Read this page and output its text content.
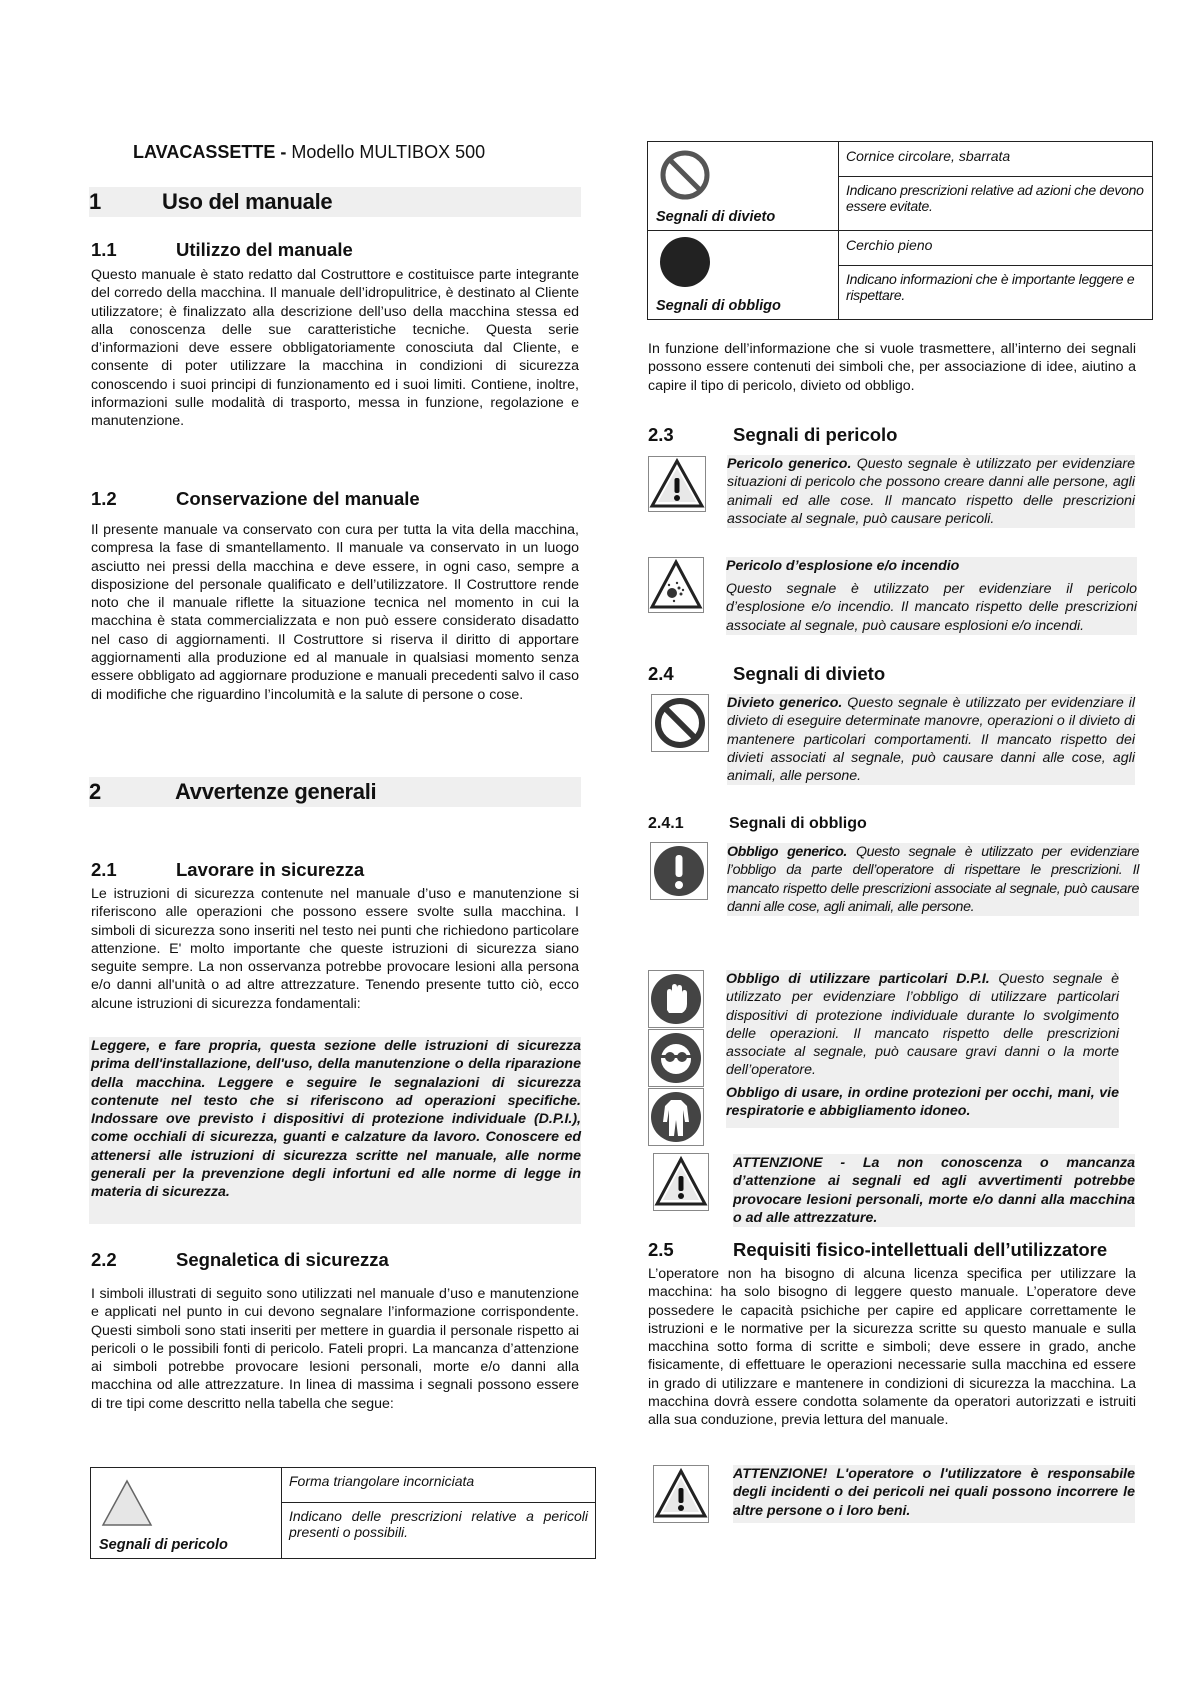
LAVACASSETTE - Modello MULTIBOX 500
1	Uso del manuale
1.1	Utilizzo del manuale

Questo manuale è stato redatto dal Costruttore e costituisce parte integrante del corredo della macchina. Il manuale dell’idropulitrice, è destinato al Cliente utilizzatore; è finalizzato alla descrizione dell’uso della macchina stessa ed alla conoscenza delle sue caratteristiche tecniche. Questa serie d’informazioni deve essere obbligatoriamente conosciuta dal Cliente, e consente di poter utilizzare la macchina in condizioni di sicurezza conoscendo i suoi principi di funzionamento ed i suoi limiti. Contiene, inoltre, informazioni sulle modalità di trasporto, messa in funzione, regolazione e manutenzione.

1.2	Conservazione del manuale

Il presente manuale va conservato con cura per tutta la vita della macchina, compresa la fase di smantellamento. Il manuale va conservato in un luogo asciutto nei pressi della macchina e deve essere, in ogni caso, sempre a disposizione del personale qualificato e dell’utilizzatore. Il Costruttore rende noto che il manuale riflette la situazione tecnica nel momento in cui la macchina è stata commercializzata e non può essere considerato disadatto nel caso di aggiornamenti. Il Costruttore si riserva il diritto di apportare aggiornamenti alla produzione ed al manuale in qualsiasi momento senza essere obbligato ad aggiornare produzione e manuali precedenti salvo il caso di modifiche che riguardino l’incolumità e la salute di persone o cose.

2	Avvertenze generali
2.1	Lavorare in sicurezza

Le istruzioni di sicurezza contenute nel manuale d’uso e manutenzione si riferiscono alle operazioni che possono essere svolte sulla macchina. I simboli di sicurezza sono inseriti nel testo nei punti che richiedono particolare attenzione. E' molto importante che queste istruzioni di sicurezza siano seguite sempre. La non osservanza potrebbe provocare lesioni alla persona e/o danni all'unità o ad altre attrezzature. Tenendo presente tutto ciò, ecco alcune istruzioni di sicurezza fondamentali:

Leggere, e fare propria, questa sezione delle istruzioni di sicurezza prima dell'installazione, dell'uso, della manutenzione o della riparazione della macchina. Leggere e seguire le segnalazioni di sicurezza contenute nel testo che si riferiscono ad operazioni specifiche. Indossare ove previsto i dispositivi di protezione individuale (D.P.I.), come occhiali di sicurezza, guanti e calzature da lavoro. Conoscere ed attenersi alle istruzioni di sicurezza scritte nel manuale, alle norme generali per la prevenzione degli infortuni ed alle norme di legge in materia di sicurezza.

2.2	Segnaletica di sicurezza

I simboli illustrati di seguito sono utilizzati nel manuale d’uso e manutenzione e applicati nel punto in cui devono segnalare l’informazione corrispondente. Questi simboli sono stati inseriti per mettere in guardia il personale rispetto ai pericoli o le possibili fonti di pericolo. Fateli propri. La mancanza d’attenzione ai simboli potrebbe provocare lesioni personali, morte e/o danni alla macchina od alle attrezzature. In linea di massima i segnali possono essere di tre tipi come descritto nella tabella che segue:

Segnali di pericolo
	Forma triangolare incorniciata
Indicano delle prescrizioni relative a pericoli presenti o possibili.
Segnali di divieto	Cornice circolare, sbarrata
	Indicano prescrizioni relative ad azioni che devono essere evitate.

Segnali di obbligo	Cerchio pieno
	Indicano informazioni che è importante leggere e rispettare.

In funzione dell’informazione che si vuole trasmettere, all’interno dei segnali possono essere contenuti dei simboli che, per associazione di idee, aiutino a capire il tipo di pericolo, divieto od obbligo.

2.3	Segnali di pericolo

Pericolo generico. Questo segnale è utilizzato per evidenziare situazioni di pericolo che possono creare danni alle persone, agli animali ed alle cose. Il mancato rispetto delle prescrizioni associate al segnale, può causare pericoli.

Pericolo d’esplosione e/o incendio

Questo segnale è utilizzato per evidenziare il pericolo d’esplosione e/o incendio. Il mancato rispetto delle prescrizioni associate al segnale, può causare esplosioni e/o incendi.

2.4	Segnali di divieto

Divieto generico. Questo segnale è utilizzato per evidenziare il divieto di eseguire determinate manovre, operazioni o il divieto di mantenere particolari comportamenti. Il mancato rispetto dei divieti associati al segnale, può causare danni alle cose, agli animali, alle persone.

2.4.1	Segnali di obbligo

Obbligo generico. Questo segnale è utilizzato per evidenziare l’obbligo da parte dell’operatore di rispettare le prescrizioni. Il mancato rispetto delle prescrizioni associate al segnale, può causare danni alle cose, agli animali, alle persone.

Obbligo di utilizzare particolari D.P.I. Questo segnale è utilizzato per evidenziare l’obbligo di utilizzare particolari dispositivi di protezione individuale durante lo svolgimento delle operazioni. Il mancato rispetto delle prescrizioni associate al segnale, può causare gravi danni o la morte dell’operatore.

Obbligo di usare, in ordine protezioni per occhi, mani, vie respiratorie e abbigliamento idoneo.

ATTENZIONE - La non conoscenza o mancanza d’attenzione ai segnali ed agli avvertimenti potrebbe provocare lesioni personali, morte e/o danni alla macchina o ad alle attrezzature.

2.5	Requisiti fisico-intellettuali dell’utilizzatore

L’operatore non ha bisogno di alcuna licenza specifica per utilizzare la macchina: ha solo bisogno di leggere questo manuale. L’operatore deve possedere le capacità psichiche per capire ed applicare correttamente le istruzioni e le normative per la sicurezza scritte su questo manuale e sulla macchina sotto forma di scritte e simboli; deve essere in grado, anche fisicamente, di effettuare le operazioni necessarie sulla macchina ed essere in grado di utilizzare e mantenere in condizioni di sicurezza la macchina. La macchina dovrà essere condotta solamente da operatori autorizzati e istruiti alla sua conduzione, previa lettura del manuale.

ATTENZIONE! L'operatore o l'utilizzatore è responsabile degli incidenti o dei pericoli nei quali possono incorrere le altre persone o i loro beni.
